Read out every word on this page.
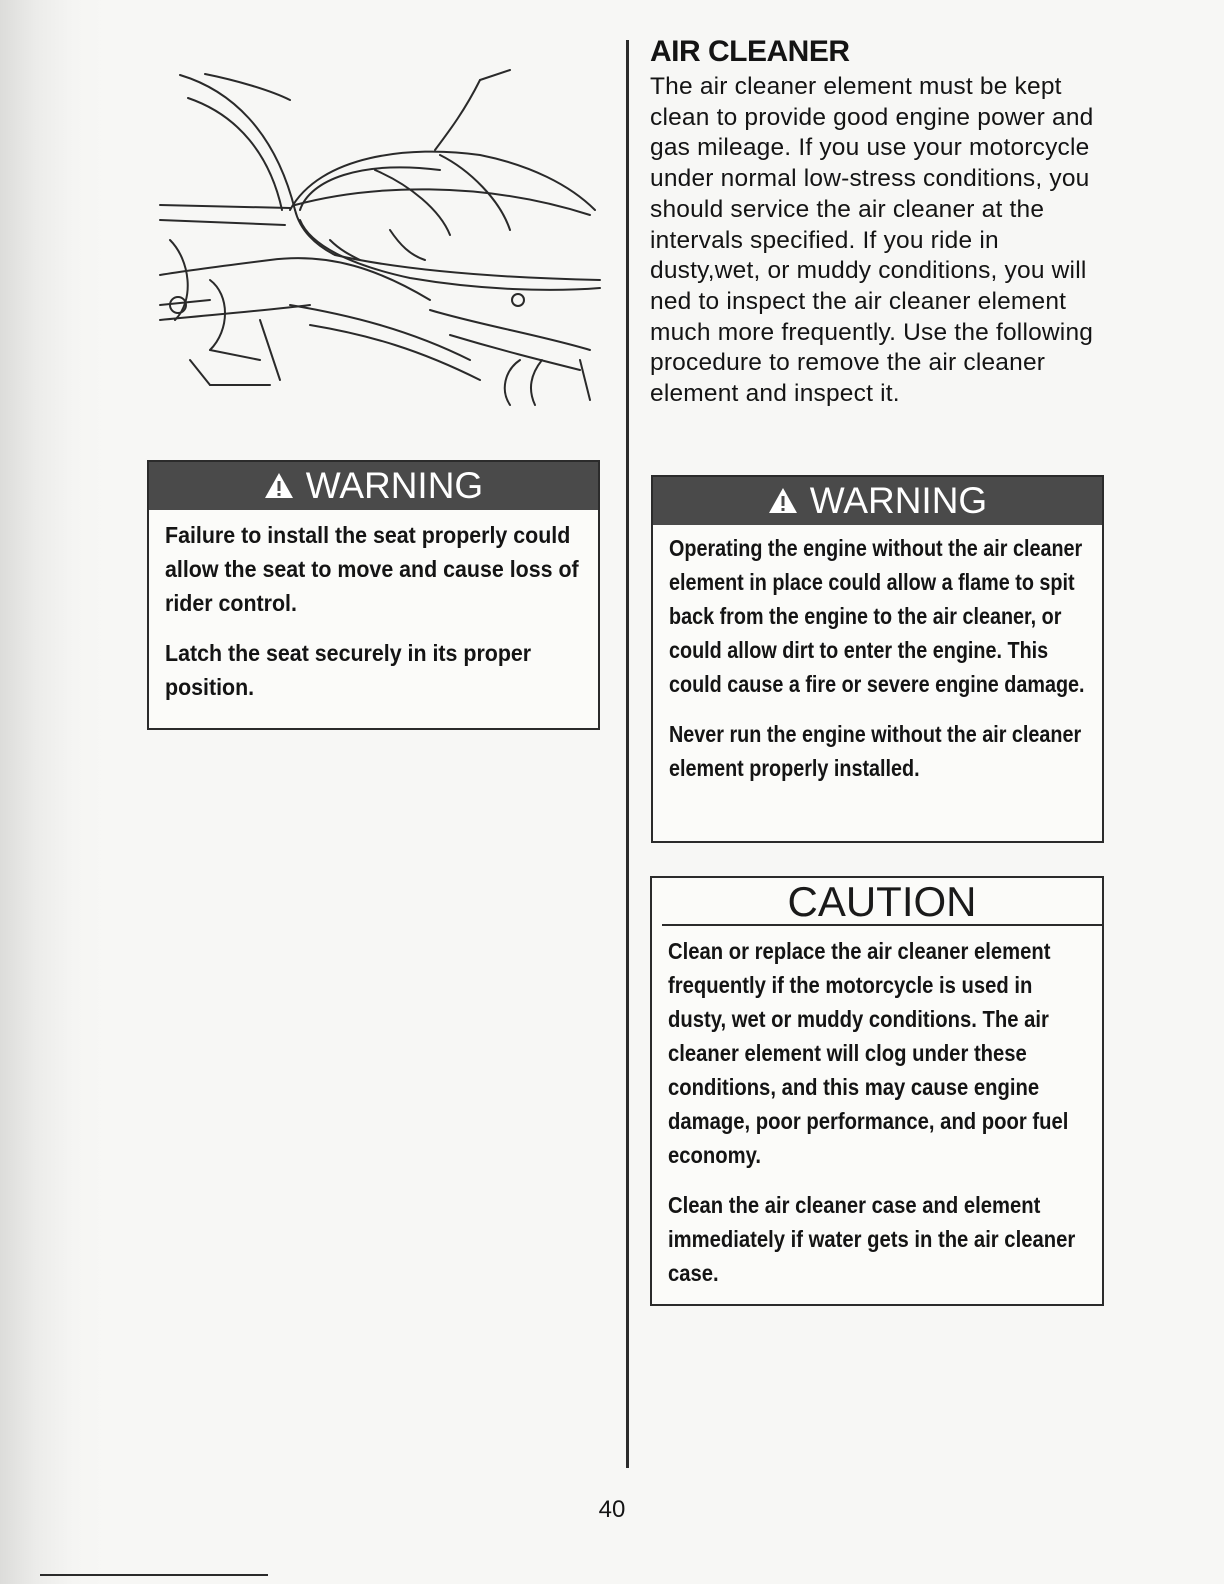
WARNING

Failure to install the seat properly could allow the seat to move and cause loss of rider control.

Latch the seat securely in its proper position.

AIR CLEANER

The air cleaner element must be kept clean to provide good engine power and gas mileage. If you use your motorcycle under normal low-stress conditions, you should service the air cleaner at the intervals specified. If you ride in dusty,wet, or muddy conditions, you will ned to inspect the air cleaner element much more frequently. Use the following procedure to remove the air cleaner element and inspect it.

WARNING

Operating the engine without the air cleaner element in place could allow a flame to spit back from the engine to the air cleaner, or could allow dirt to enter the engine. This could cause a fire or severe engine damage.

Never run the engine without the air cleaner element properly installed.

CAUTION

Clean or replace the air cleaner element frequently if the motorcycle is used in dusty, wet or muddy conditions. The air cleaner element will clog under these conditions, and this may cause engine damage, poor performance, and poor fuel economy.

Clean the air cleaner case and element immediately if water gets in the air cleaner case.

40
